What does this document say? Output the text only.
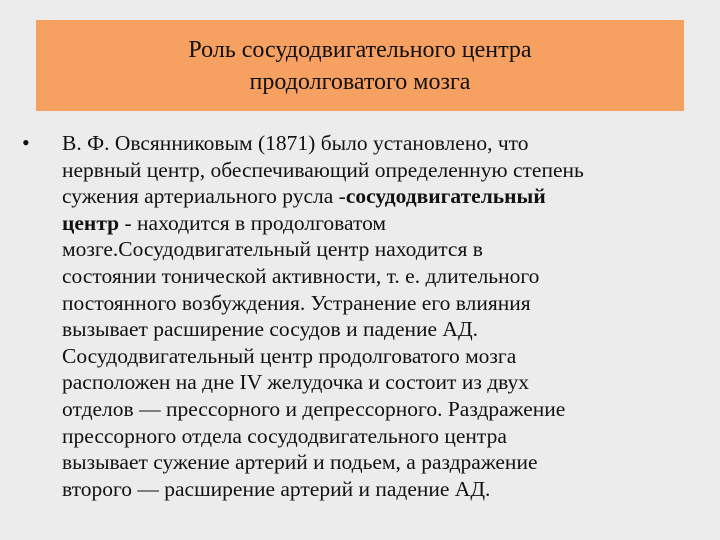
Роль сосудодвигательного центра
продолговатого мозга
•	В. Ф. Овсянниковым (1871) было установлено, что
нервный центр, обеспечивающий определенную степень
сужения артериального русла -сосудодвигательный
центр - находится в продолговатом
мозге.Сосудодвигательный центр находится в
состоянии тонической активности, т. е. длительного
постоянного возбуждения. Устранение его влияния
вызывает расширение сосудов и падение АД.
Сосудодвигательный центр продолговатого мозга
расположен на дне IV желудочка и состоит из двух
отделов — прессорного и депрессорного. Раздражение
прессорного отдела сосудодвигательного центра
вызывает сужение артерий и подьем, а раздражение
второго — расширение артерий и падение АД.
